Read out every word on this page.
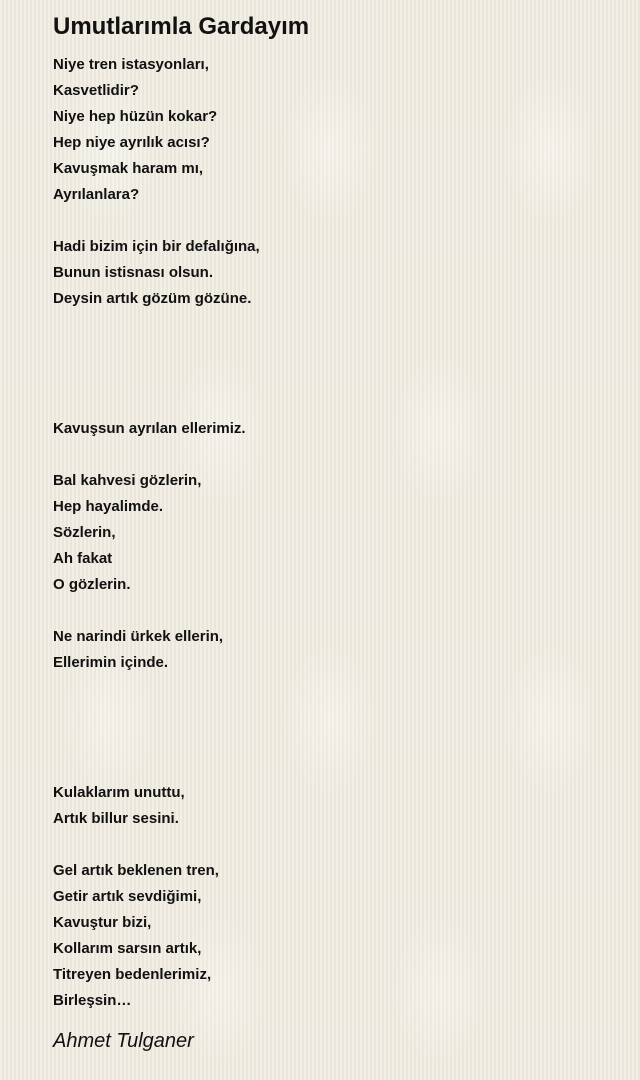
Umutlarımla Gardayım

Niye tren istasyonları,
Kasvetlidir?
Niye hep hüzün kokar?
Hep niye ayrılık acısı?
Kavuşmak haram mı,
Ayrılanlara?

Hadi bizim için bir defalığına,
Bunun istisnası olsun.
Deysin artık gözüm gözüne.

Kavuşsun ayrılan ellerimiz.

Bal kahvesi gözlerin,
Hep hayalimde.
Sözlerin,
Ah fakat
O gözlerin.

Ne narindi ürkek ellerin,
Ellerimin içinde.

Kulaklarım unuttu,
Artık billur sesini.

Gel artık beklenen tren,
Getir artık sevdiğimi,
Kavuştur bizi,
Kollarım sarsın artık,
Titreyen bedenlerimiz,
Birleşsin…

Ahmet Tulganer
